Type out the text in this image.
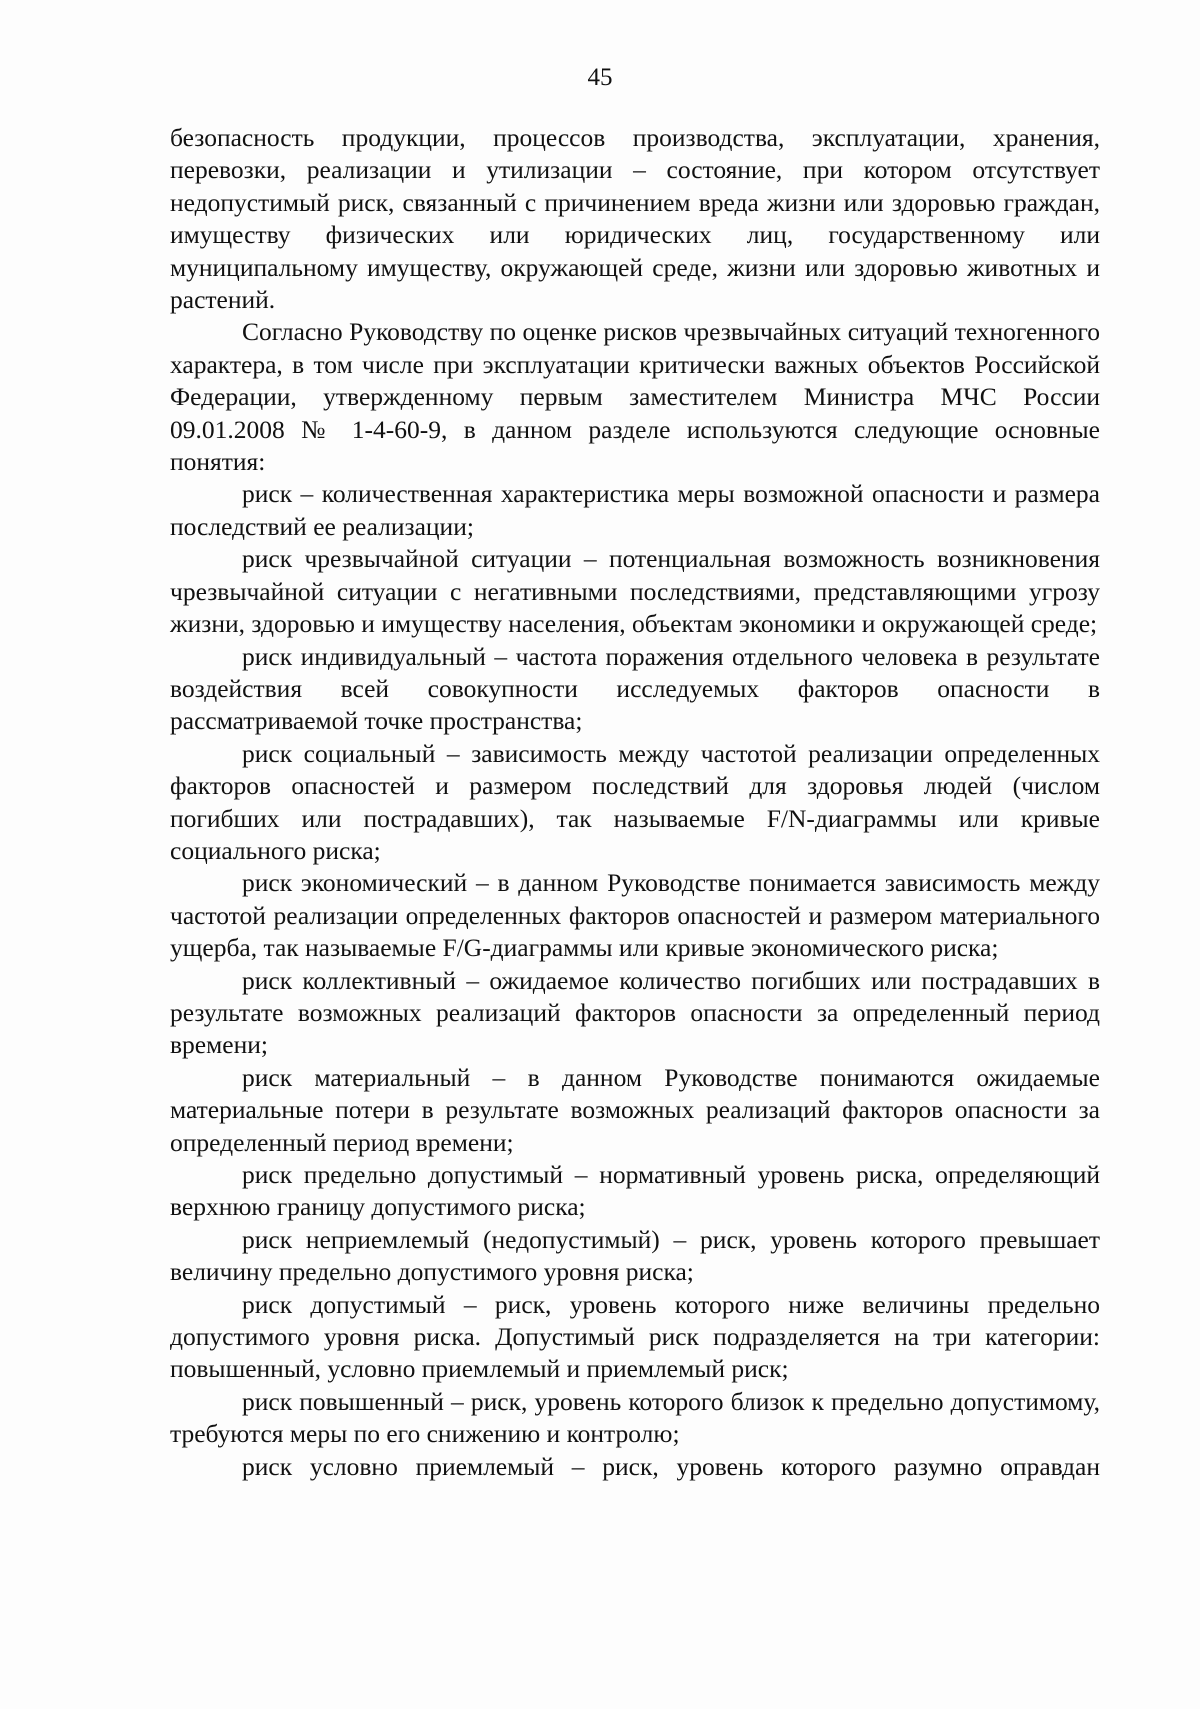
45

безопасность продукции, процессов производства, эксплуатации, хранения, перевозки, реализации и утилизации – состояние, при котором отсутствует недопустимый риск, связанный с причинением вреда жизни или здоровью граждан, имуществу физических или юридических лиц, государственному или муниципальному имуществу, окружающей среде, жизни или здоровью животных и растений.

Согласно Руководству по оценке рисков чрезвычайных ситуаций техногенного характера, в том числе при эксплуатации критически важных объектов Российской Федерации, утвержденному первым заместителем Министра МЧС России 09.01.2008 № 1-4-60-9, в данном разделе используются следующие основные понятия:

риск – количественная характеристика меры возможной опасности и размера последствий ее реализации;

риск чрезвычайной ситуации – потенциальная возможность возникновения чрезвычайной ситуации с негативными последствиями, представляющими угрозу жизни, здоровью и имуществу населения, объектам экономики и окружающей среде;

риск индивидуальный – частота поражения отдельного человека в результате воздействия всей совокупности исследуемых факторов опасности в рассматриваемой точке пространства;

риск социальный – зависимость между частотой реализации определенных факторов опасностей и размером последствий для здоровья людей (числом погибших или пострадавших), так называемые F/N-диаграммы или кривые социального риска;

риск экономический – в данном Руководстве понимается зависимость между частотой реализации определенных факторов опасностей и размером материального ущерба, так называемые F/G-диаграммы или кривые экономического риска;

риск коллективный – ожидаемое количество погибших или пострадавших в результате возможных реализаций факторов опасности за определенный период времени;

риск материальный – в данном Руководстве понимаются ожидаемые материальные потери в результате возможных реализаций факторов опасности за определенный период времени;

риск предельно допустимый – нормативный уровень риска, определяющий верхнюю границу допустимого риска;

риск неприемлемый (недопустимый) – риск, уровень которого превышает величину предельно допустимого уровня риска;

риск допустимый – риск, уровень которого ниже величины предельно допустимого уровня риска. Допустимый риск подразделяется на три категории: повышенный, условно приемлемый и приемлемый риск;

риск повышенный – риск, уровень которого близок к предельно допустимому, требуются меры по его снижению и контролю;

риск условно приемлемый – риск, уровень которого разумно оправдан
